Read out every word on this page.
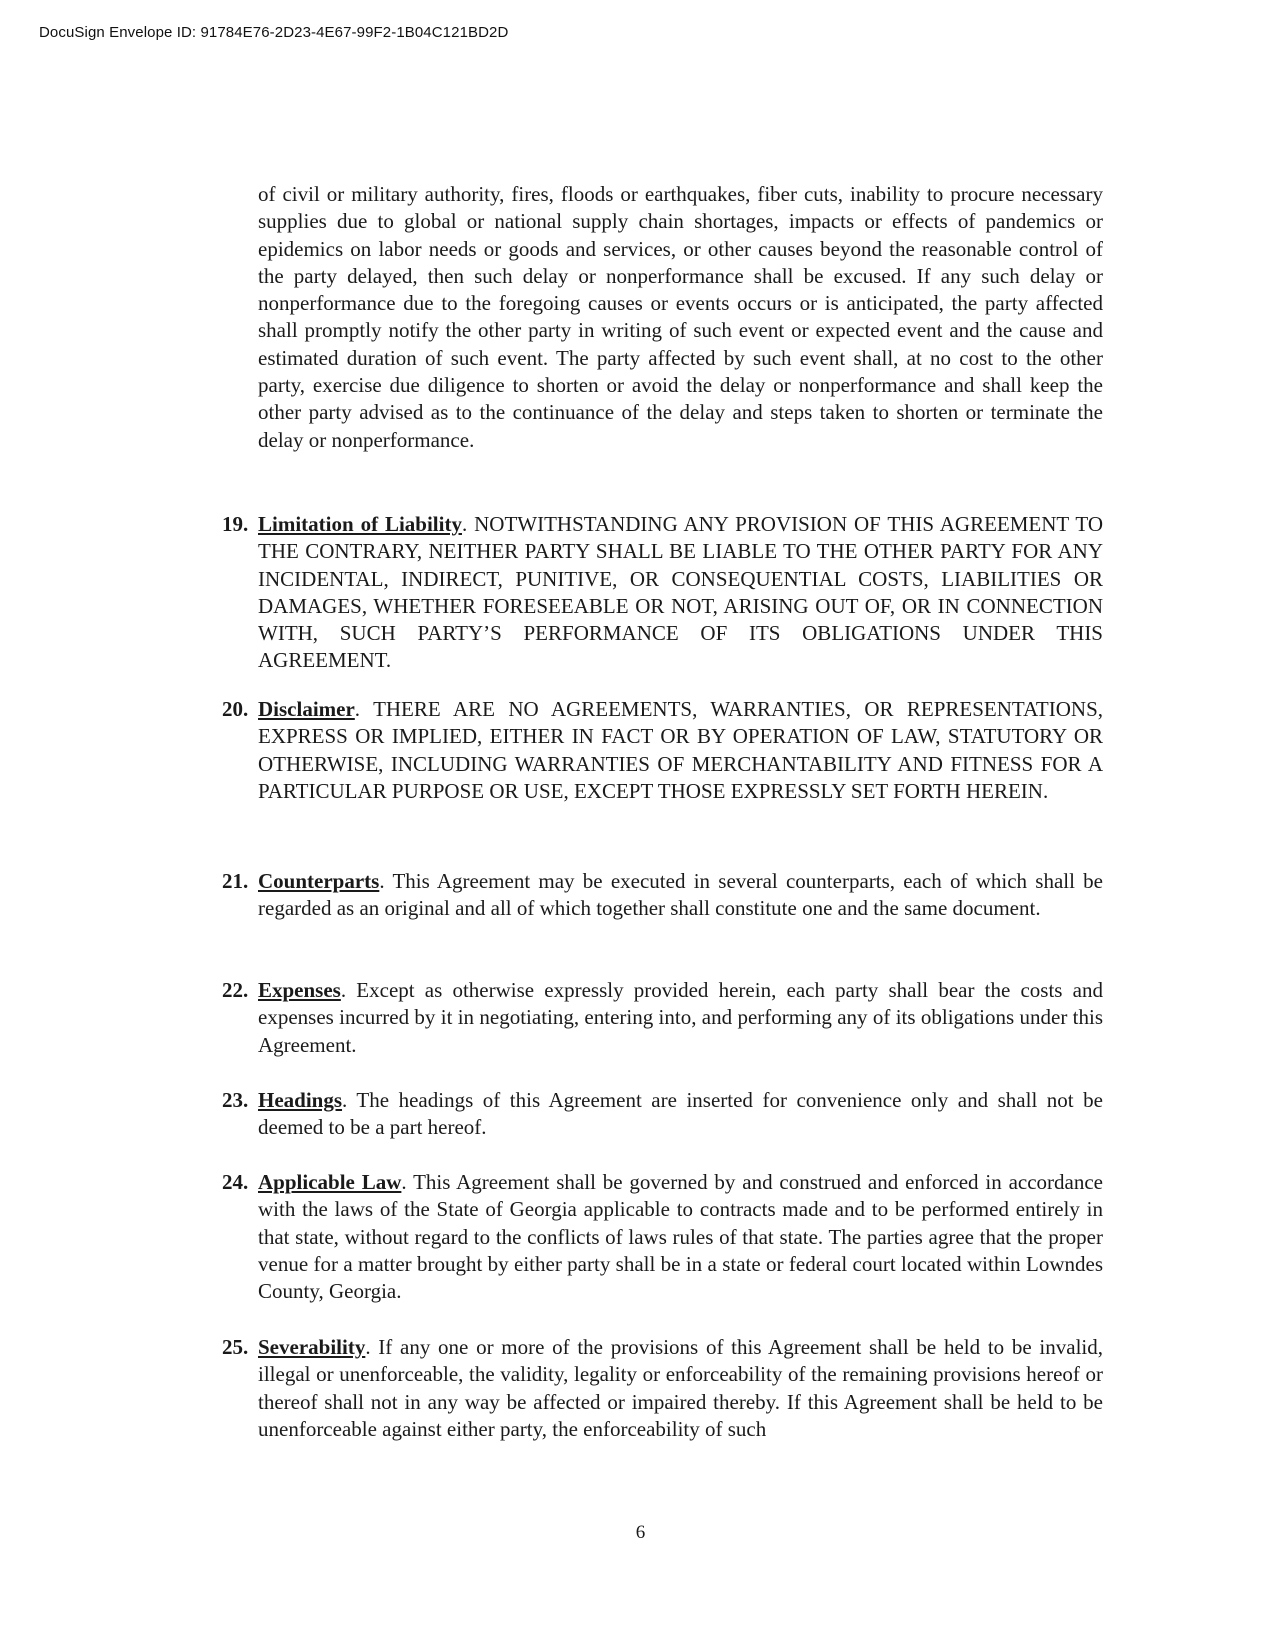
DocuSign Envelope ID: 91784E76-2D23-4E67-99F2-1B04C121BD2D

of civil or military authority, fires, floods or earthquakes, fiber cuts, inability to procure necessary supplies due to global or national supply chain shortages, impacts or effects of pandemics or epidemics on labor needs or goods and services, or other causes beyond the reasonable control of the party delayed, then such delay or nonperformance shall be excused. If any such delay or nonperformance due to the foregoing causes or events occurs or is anticipated, the party affected shall promptly notify the other party in writing of such event or expected event and the cause and estimated duration of such event. The party affected by such event shall, at no cost to the other party, exercise due diligence to shorten or avoid the delay or nonperformance and shall keep the other party advised as to the continuance of the delay and steps taken to shorten or terminate the delay or nonperformance.

19. Limitation of Liability. NOTWITHSTANDING ANY PROVISION OF THIS AGREEMENT TO THE CONTRARY, NEITHER PARTY SHALL BE LIABLE TO THE OTHER PARTY FOR ANY INCIDENTAL, INDIRECT, PUNITIVE, OR CONSEQUENTIAL COSTS, LIABILITIES OR DAMAGES, WHETHER FORESEEABLE OR NOT, ARISING OUT OF, OR IN CONNECTION WITH, SUCH PARTY’S PERFORMANCE OF ITS OBLIGATIONS UNDER THIS AGREEMENT.
20. Disclaimer. THERE ARE NO AGREEMENTS, WARRANTIES, OR REPRESENTATIONS, EXPRESS OR IMPLIED, EITHER IN FACT OR BY OPERATION OF LAW, STATUTORY OR OTHERWISE, INCLUDING WARRANTIES OF MERCHANTABILITY AND FITNESS FOR A PARTICULAR PURPOSE OR USE, EXCEPT THOSE EXPRESSLY SET FORTH HEREIN.
21. Counterparts. This Agreement may be executed in several counterparts, each of which shall be regarded as an original and all of which together shall constitute one and the same document.
22. Expenses. Except as otherwise expressly provided herein, each party shall bear the costs and expenses incurred by it in negotiating, entering into, and performing any of its obligations under this Agreement.
23. Headings. The headings of this Agreement are inserted for convenience only and shall not be deemed to be a part hereof.
24. Applicable Law. This Agreement shall be governed by and construed and enforced in accordance with the laws of the State of Georgia applicable to contracts made and to be performed entirely in that state, without regard to the conflicts of laws rules of that state. The parties agree that the proper venue for a matter brought by either party shall be in a state or federal court located within Lowndes County, Georgia.
25. Severability. If any one or more of the provisions of this Agreement shall be held to be invalid, illegal or unenforceable, the validity, legality or enforceability of the remaining provisions hereof or thereof shall not in any way be affected or impaired thereby. If this Agreement shall be held to be unenforceable against either party, the enforceability of such
6
